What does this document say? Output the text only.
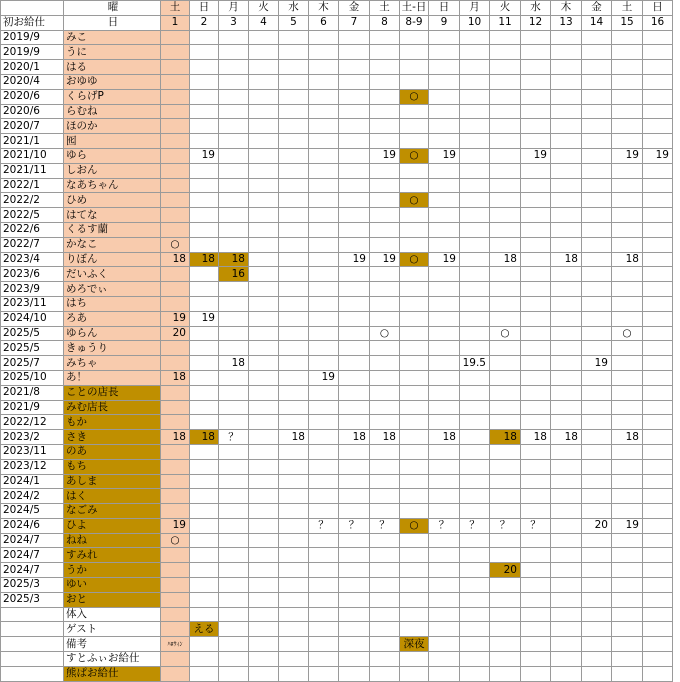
	曜	土	日	月	火	水	木	金	土	土-日	日	月	火	水	木	金	土	日
初お給仕	日	1	2	3	4	5	6	7	8	8-9	9	10	11	12	13	14	15	16
2019/9	みこ																	
2019/9	うに																	
2020/1	はる																	
2020/4	おゆゆ																	
2020/6	くらげP									○								
2020/6	らむね																	
2020/7	ほのか																	
2021/1	囮																	
2021/10	ゆら		19						19	○	19			19			19	19
2021/11	しおん																	
2022/1	なあちゃん																	
2022/2	ひめ									○								
2022/5	はてな																	
2022/6	くるす蘭																	
2022/7	かなこ	○																
2023/4	りぼん	18	18	18				19	19	○	19		18		18		18	
2023/6	だいふく			16														
2023/9	めろでぃ																	
2023/11	はち																	
2024/10	ろあ	19	19															
2025/5	ゆらん	20							○				○				○	
2025/5	きゅうり																	
2025/7	みちゃ			18								19.5				19		
2025/10	あ！	18					19											
2021/8	ことの店長																	
2021/9	みむ店長																	
2022/12	もか																	
2023/2	さき	18	18	？		18		18	18		18		18	18	18		18	
2023/11	のあ																	
2023/12	もち																	
2024/1	あしま																	
2024/2	はく																	
2024/5	なごみ																	
2024/6	ひよ	19					？	？	？	○	？	？	？	？		20	19	
2024/7	ねね	○																
2024/7	すみれ																	
2024/7	うか												20					
2025/3	ゆい																	
2025/3	おと																	
	体入																	
	ゲスト		える															
	備考	ﾊﾛｳｨﾝ								深夜								
	すとふぃお給仕																	
	熊ぱお給仕																	
